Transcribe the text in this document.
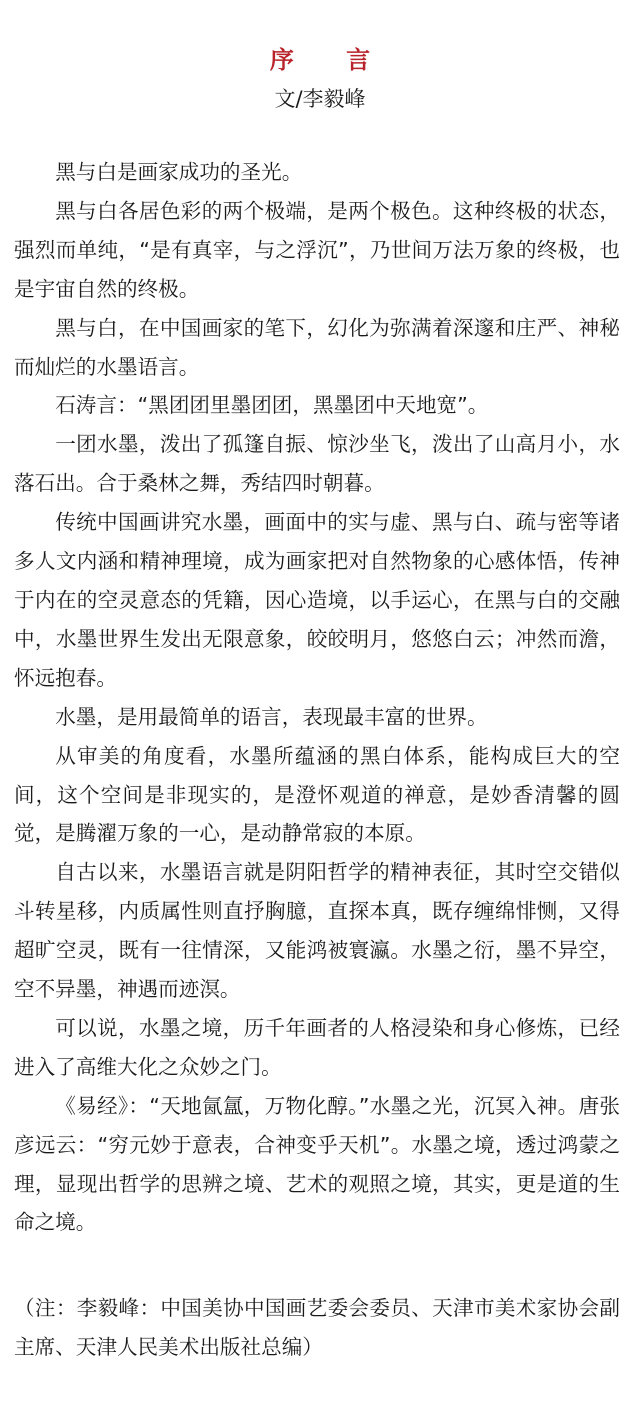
序 言
文/李毅峰

黑与白是画家成功的圣光。

黑与白各居色彩的两个极端，是两个极色。这种终极的状态，强烈而单纯，“是有真宰，与之浮沉”，乃世间万法万象的终极，也是宇宙自然的终极。

黑与白，在中国画家的笔下，幻化为弥满着深邃和庄严、神秘而灿烂的水墨语言。

石涛言：“黑团团里墨团团，黑墨团中天地宽”。

一团水墨，泼出了孤篷自振、惊沙坐飞，泼出了山高月小，水落石出。合于桑林之舞，秀结四时朝暮。

传统中国画讲究水墨，画面中的实与虚、黑与白、疏与密等诸多人文内涵和精神理境，成为画家把对自然物象的心感体悟，传神于内在的空灵意态的凭籍，因心造境，以手运心，在黑与白的交融中，水墨世界生发出无限意象，皎皎明月，悠悠白云；冲然而澹，怀远抱春。

水墨，是用最简单的语言，表现最丰富的世界。

从审美的角度看，水墨所蕴涵的黑白体系，能构成巨大的空间，这个空间是非现实的，是澄怀观道的禅意，是妙香清馨的圆觉，是腾濯万象的一心，是动静常寂的本原。

自古以来，水墨语言就是阴阳哲学的精神表征，其时空交错似斗转星移，内质属性则直抒胸臆，直探本真，既存缠绵悱恻，又得超旷空灵，既有一往情深，又能鸿被寰瀛。水墨之衍，墨不异空，空不异墨，神遇而迹溟。

可以说，水墨之境，历千年画者的人格浸染和身心修炼，已经进入了高维大化之众妙之门。

《易经》：“天地氤氲，万物化醇。”水墨之光，沉冥入神。唐张彦远云：“穷元妙于意表，合神变乎天机”。水墨之境，透过鸿蒙之理，显现出哲学的思辨之境、艺术的观照之境，其实，更是道的生命之境。

（注：李毅峰：中国美协中国画艺委会委员、天津市美术家协会副主席、天津人民美术出版社总编）
